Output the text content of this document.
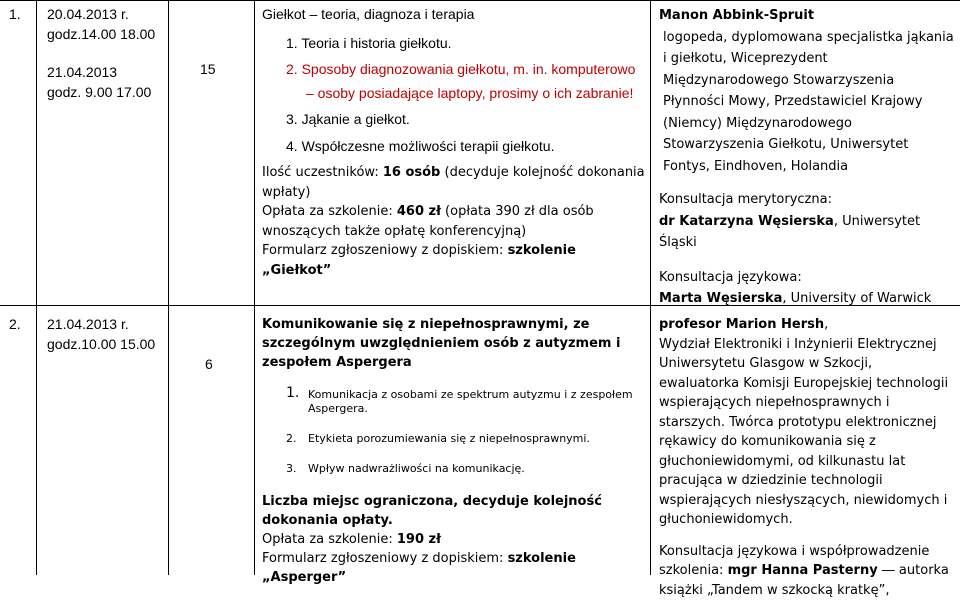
1. 20.04.2013 r.

godz.14.00 18.00

21.04.2013

godz. 9.00 17.00

15

Giełkot – teoria, diagnoza i terapia

1. Teoria i historia giełkotu.

2. Sposoby diagnozowania giełkotu, m. in. komputerowo

– osoby posiadające laptopy, prosimy o ich zabranie!

3. Jąkanie a giełkot.

4. Współczesne możliwości terapii giełkotu.

Ilość uczestników: 16 osób (decyduje kolejność dokonania wpłaty)

Opłata za szkolenie: 460 zł (opłata 390 zł dla osób wnoszących także opłatę konferencyjną)

Formularz zgłoszeniowy z dopiskiem: szkolenie „Giełkot”

Manon Abbink-Spruit

logopeda, dyplomowana specjalistka jąkania i giełkotu, Wiceprezydent Międzynarodowego Stowarzyszenia Płynności Mowy, Przedstawiciel Krajowy (Niemcy) Międzynarodowego Stowarzyszenia Giełkotu, Uniwersytet Fontys, Eindhoven, Holandia

Konsultacja merytoryczna:

dr Katarzyna Węsierska, Uniwersytet Śląski

Konsultacja językowa:

Marta Węsierska, University of Warwick

2. 21.04.2013 r.

godz.10.00 15.00

6

Komunikowanie się z niepełnosprawnymi, ze szczególnym uwzględnieniem osób z autyzmem i zespołem Aspergera

1. Komunikacja z osobami ze spektrum autyzmu i z zespołem Aspergera.

2. Etykieta porozumiewania się z niepełnosprawnymi.

3. Wpływ nadwrażliwości na komunikację.

Liczba miejsc ograniczona, decyduje kolejność dokonania opłaty.

Opłata za szkolenie: 190 zł

Formularz zgłoszeniowy z dopiskiem: szkolenie „Asperger”

profesor Marion Hersh,

Wydział Elektroniki i Inżynierii Elektrycznej Uniwersytetu Glasgow w Szkocji, ewaluatorka Komisji Europejskiej technologii wspierających niepełnosprawnych i starszych. Twórca prototypu elektronicznej rękawicy do komunikowania się z głuchoniewidomymi, od kilkunastu lat pracująca w dziedzinie technologii wspierających niesłyszących, niewidomych i głuchoniewidomych.

Konsultacja językowa i współprowadzenie szkolenia: mgr Hanna Pasterny ― autorka książki „Tandem w szkocką kratkę”,
